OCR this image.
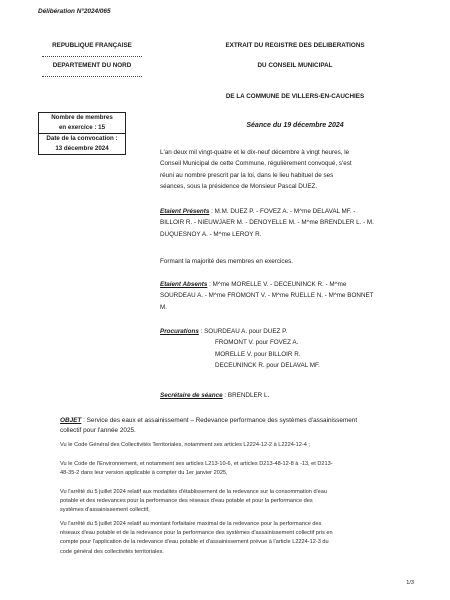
Délibération N°2024/065
REPUBLIQUE FRANÇAISE
DEPARTEMENT DU NORD
EXTRAIT DU REGISTRE DES DELIBERATIONS
DU CONSEIL MUNICIPAL
DE LA COMMUNE DE VILLERS-EN-CAUCHIES
Nombre de membres
en exercice : 15
Date de la convocation :
13 décembre 2024
Séance du 19 décembre 2024
L'an deux mil vingt-quatre et le dix-neuf décembre à vingt heures, le
Conseil Municipal de cette Commune, régulièrement convoqué, s'est
réuni au nombre prescrit par la loi, dans le lieu habituel de ses
séances, sous la présidence de Monsieur Pascal DUEZ.
Etaient Présents : M.M. DUEZ P. - FOVEZ A. - M^me DELAVAL MF. -
BILLOIR R. - NIEUWJAER M. - DENOYELLE M. - M^me BRENDLER L. - M.
DUQUESNOY A. - M^me LEROY R.
Formant la majorité des membres en exercices.
Etaient Absents : M^me MORELLE V. - DECEUNINCK R. - M^me
SOURDEAU A. - M^me FROMONT V. - M^me RUELLE N. - M^me BONNET
M.
Procurations : SOURDEAU A. pour DUEZ P.
FROMONT V. pour FOVEZ A.
MORELLE V. pour BILLOIR R.
DECEUNINCK R. pour DELAVAL MF.
Secrétaire de séance : BRENDLER L.
OBJET : Service des eaux et assainissement – Redevance performance des systèmes d'assainissement
collectif pour l'année 2025.
Vu le Code Général des Collectivités Territoriales, notamment ses articles L2224-12-2 à L2224-12-4 ;
Vu le Code de l'Environnement, et notamment ses articles L213-10-6, et articles D213-48-12-8 à -13, et D213-
48-35-2 dans leur version applicable à compter du 1er janvier 2025,
Vu l'arrêté du 5 juillet 2024 relatif aux modalités d'établissement de la redevance sur la consommation d'eau
potable et des redevances pour la performance des réseaux d'eau potable et pour la performance des
systèmes d'assainissement collectif,
Vu l'arrêté du 5 juillet 2024 relatif au montant forfaitaire maximal de la redevance pour la performance des
réseaux d'eau potable et de la redevance pour la performance des systèmes d'assainissement collectif pris en
compte pour l'application de la redevance d'eau potable et d'assainissement prévue à l'article L2224-12-3 du
code général des collectivités territoriales.
1/3
